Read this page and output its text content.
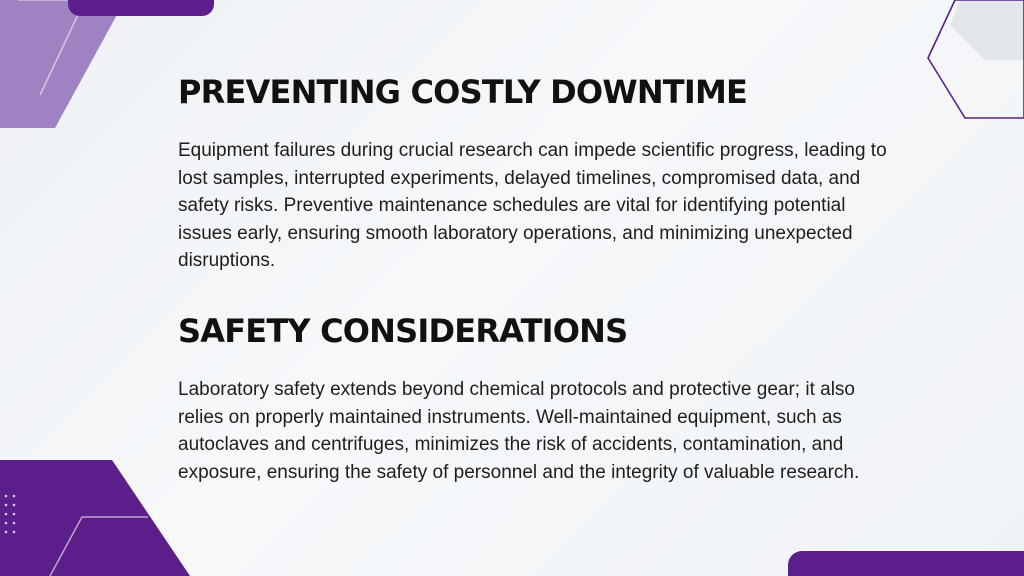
PREVENTING COSTLY DOWNTIME

Equipment failures during crucial research can impede scientific progress, leading to lost samples, interrupted experiments, delayed timelines, compromised data, and safety risks. Preventive maintenance schedules are vital for identifying potential issues early, ensuring smooth laboratory operations, and minimizing unexpected disruptions.

SAFETY CONSIDERATIONS

Laboratory safety extends beyond chemical protocols and protective gear; it also relies on properly maintained instruments. Well-maintained equipment, such as autoclaves and centrifuges, minimizes the risk of accidents, contamination, and exposure, ensuring the safety of personnel and the integrity of valuable research.
